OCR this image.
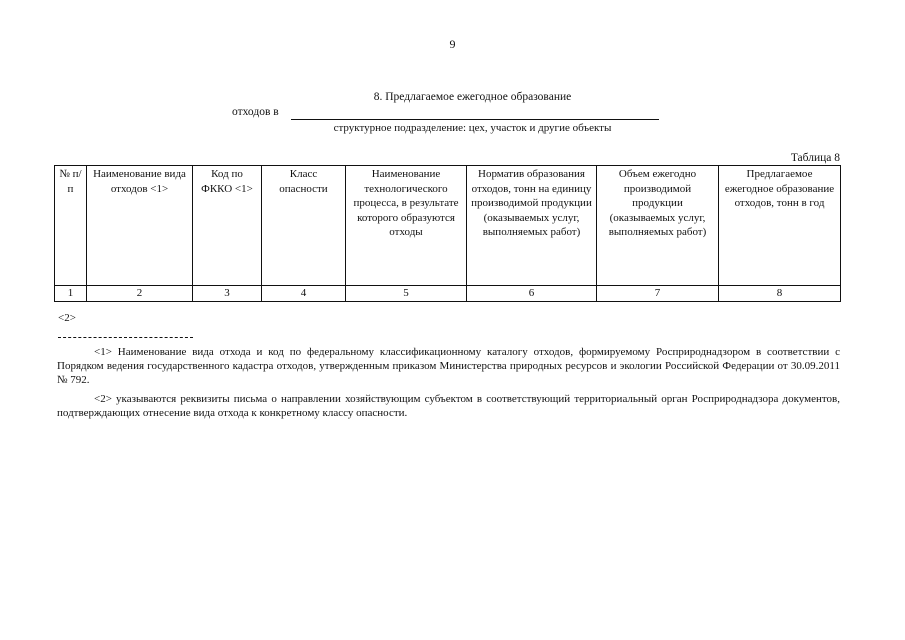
9
8. Предлагаемое ежегодное образование
отходов в
структурное подразделение: цех, участок и другие объекты
Таблица 8
№ п/п	Наименование вида отходов <1>	Код по ФККО <1>	Класс опасности	Наименование технологического процесса, в результате которого образуются отходы	Норматив образования отходов, тонн на единицу производимой продукции (оказываемых услуг, выполняемых работ)	Объем ежегодно производимой продукции (оказываемых услуг, выполняемых работ)	Предлагаемое ежегодное образование отходов, тонн в год
1	2	3	4	5	6	7	8
<2>
<1> Наименование вида отхода и код по федеральному классификационному каталогу отходов, формируемому Росприроднадзором в соответствии с Порядком ведения государственного кадастра отходов, утвержденным приказом Министерства природных ресурсов и экологии Российской Федерации от 30.09.2011 № 792.
<2> указываются реквизиты письма о направлении хозяйствующим субъектом в соответствующий территориальный орган Росприроднадзора документов, подтверждающих отнесение вида отхода к конкретному классу опасности.
